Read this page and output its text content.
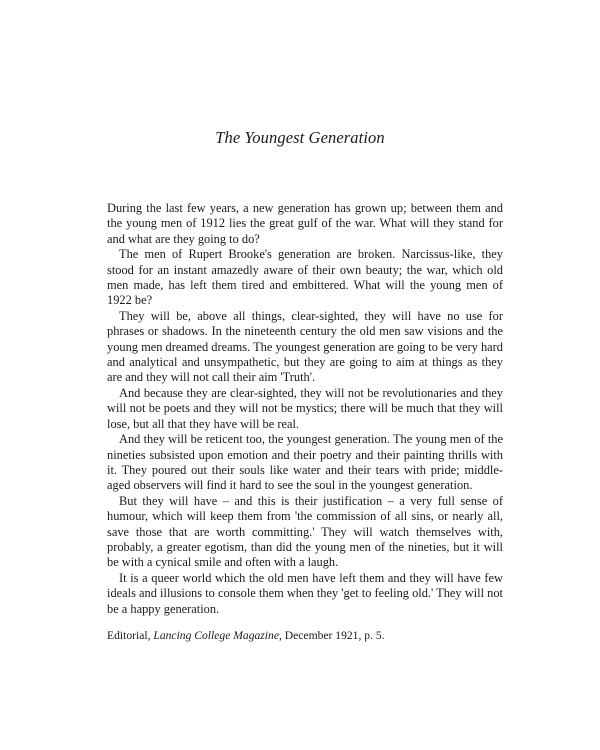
The Youngest Generation

During the last few years, a new generation has grown up; between them and the young men of 1912 lies the great gulf of the war. What will they stand for and what are they going to do?

The men of Rupert Brooke's generation are broken. Narcissus-like, they stood for an instant amazedly aware of their own beauty; the war, which old men made, has left them tired and embittered. What will the young men of 1922 be?

They will be, above all things, clear-sighted, they will have no use for phrases or shadows. In the nineteenth century the old men saw visions and the young men dreamed dreams. The youngest generation are going to be very hard and analytical and unsympathetic, but they are going to aim at things as they are and they will not call their aim 'Truth'.

And because they are clear-sighted, they will not be revolutionaries and they will not be poets and they will not be mystics; there will be much that they will lose, but all that they have will be real.

And they will be reticent too, the youngest generation. The young men of the nineties subsisted upon emotion and their poetry and their painting thrills with it. They poured out their souls like water and their tears with pride; middle-aged observers will find it hard to see the soul in the youngest generation.

But they will have – and this is their justification – a very full sense of humour, which will keep them from 'the commission of all sins, or nearly all, save those that are worth committing.' They will watch themselves with, probably, a greater egotism, than did the young men of the nineties, but it will be with a cynical smile and often with a laugh.

It is a queer world which the old men have left them and they will have few ideals and illusions to console them when they 'get to feeling old.' They will not be a happy generation.

Editorial, Lancing College Magazine, December 1921, p. 5.
